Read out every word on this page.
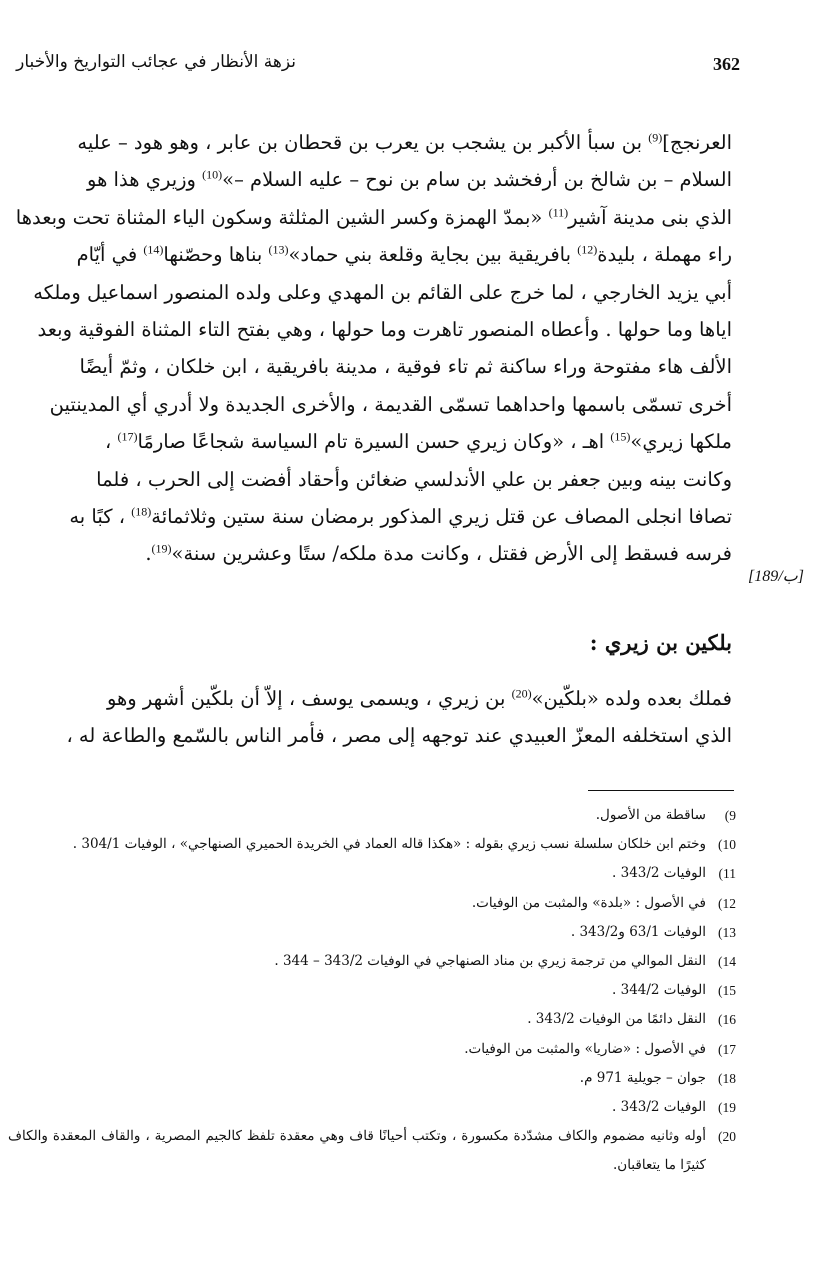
نزهة الأنظار في عجائب التواريخ والأخبار	362

العرنجج]$^{(9)}$ بن سبأ الأكبر بن يشجب بن يعرب بن قحطان بن عابر ، وهو هود – عليه
السلام – بن شالخ بن أرفخشد بن سام بن نوح – عليه السلام –»$^{(10)}$ وزيري هذا هو
الذي بنى مدينة آشير$^{(11)}$ «بمدّ الهمزة وكسر الشين المثلثة وسكون الياء المثناة تحت وبعدها
راء مهملة ، بليدة$^{(12)}$ بافريقية بين بجاية وقلعة بني حماد»$^{(13)}$ بناها وحصّنها$^{(14)}$ في أيّام
أبي يزيد الخارجي ، لما خرج على القائم بن المهدي وعلى ولده المنصور اسماعيل وملكه
اياها وما حولها . وأعطاه المنصور تاهرت وما حولها ، وهي بفتح التاء المثناة الفوقية وبعد
الألف هاء مفتوحة وراء ساكنة ثم تاء فوقية ، مدينة بافريقية ، ابن خلكان ، وثمّ أيضًا
أخرى تسمّى باسمها واحداهما تسمّى القديمة ، والأخرى الجديدة ولا أدري أي المدينتين
ملكها زيري»$^{(15)}$ اهـ ، «وكان زيري حسن السيرة تام السياسة شجاعًا صارمًا$^{(17)}$ ،
وكانت بينه وبين جعفر بن علي الأندلسي ضغائن وأحقاد أفضت إلى الحرب ، فلما
تصافا انجلى المصاف عن قتل زيري المذكور برمضان سنة ستين وثلاثمائة$^{(18)}$ ، كبًا به
فرسه فسقط إلى الأرض فقتل ، وكانت مدة ملكه/ ستًا وعشرين سنة»$^{(19)}$.

[189/ب]
بلكين بن زيري :

فملك بعده ولده «بلكّين»$^{(20)}$ بن زيري ، ويسمى يوسف ، إلاّ أن بلكّين أشهر وهو
الذي استخلفه المعزّ العبيدي عند توجهه إلى مصر ، فأمر الناس بالسّمع والطاعة له ،

(9
ساقطة من الأصول.
(10
وختم ابن خلكان سلسلة نسب زيري بقوله : «هكذا قاله العماد في الخريدة الحميري الصنهاجي» ، الوفيات 304/1 .
(11
الوفيات 343/2 .
(12
في الأصول : «بلدة» والمثبت من الوفيات.
(13
الوفيات 63/1 و343/2 .
(14
النقل الموالي من ترجمة زيري بن مناد الصنهاجي في الوفيات 343/2 – 344 .
(15
الوفيات 344/2 .
(16
النقل دائمًا من الوفيات 343/2 .
(17
في الأصول : «ضاريا» والمثبت من الوفيات.
(18
جوان – جويلية 971 م.
(19
الوفيات 343/2 .
(20
أوله وثانيه مضموم والكاف مشدّدة مكسورة ، وتكتب أحيانًا قاف وهي معقدة تلفظ كالجيم المصرية ، والقاف المعقدة والكاف كثيرًا ما يتعاقبان.
